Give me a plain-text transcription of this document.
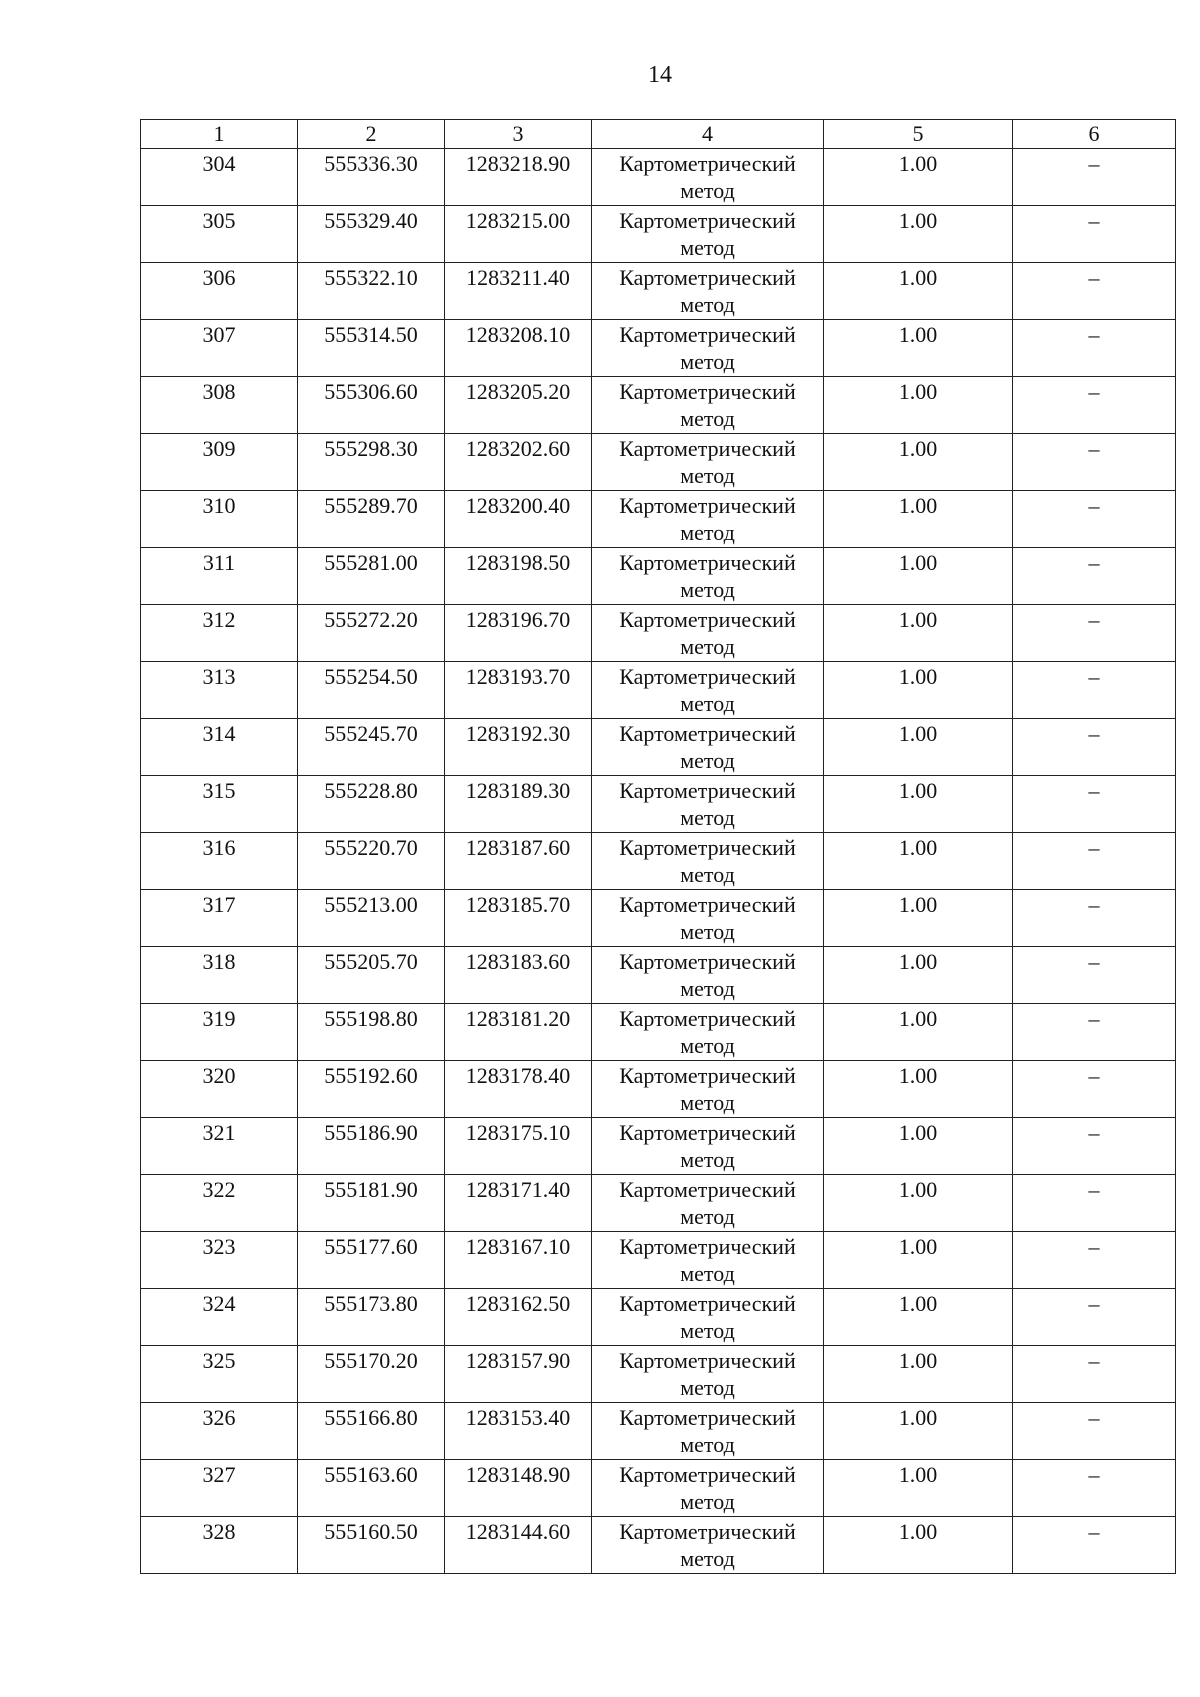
14
1	2	3	4	5	6
304	555336.30	1283218.90	Картометрический метод	1.00	–
305	555329.40	1283215.00	Картометрический метод	1.00	–
306	555322.10	1283211.40	Картометрический метод	1.00	–
307	555314.50	1283208.10	Картометрический метод	1.00	–
308	555306.60	1283205.20	Картометрический метод	1.00	–
309	555298.30	1283202.60	Картометрический метод	1.00	–
310	555289.70	1283200.40	Картометрический метод	1.00	–
311	555281.00	1283198.50	Картометрический метод	1.00	–
312	555272.20	1283196.70	Картометрический метод	1.00	–
313	555254.50	1283193.70	Картометрический метод	1.00	–
314	555245.70	1283192.30	Картометрический метод	1.00	–
315	555228.80	1283189.30	Картометрический метод	1.00	–
316	555220.70	1283187.60	Картометрический метод	1.00	–
317	555213.00	1283185.70	Картометрический метод	1.00	–
318	555205.70	1283183.60	Картометрический метод	1.00	–
319	555198.80	1283181.20	Картометрический метод	1.00	–
320	555192.60	1283178.40	Картометрический метод	1.00	–
321	555186.90	1283175.10	Картометрический метод	1.00	–
322	555181.90	1283171.40	Картометрический метод	1.00	–
323	555177.60	1283167.10	Картометрический метод	1.00	–
324	555173.80	1283162.50	Картометрический метод	1.00	–
325	555170.20	1283157.90	Картометрический метод	1.00	–
326	555166.80	1283153.40	Картометрический метод	1.00	–
327	555163.60	1283148.90	Картометрический метод	1.00	–
328	555160.50	1283144.60	Картометрический метод	1.00	–
